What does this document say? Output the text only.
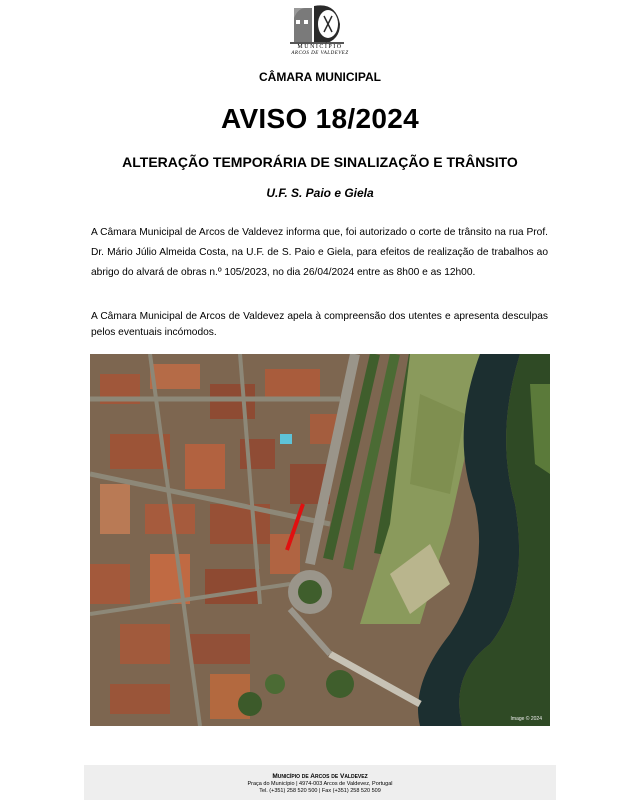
MUNICÍPIO
ARCOS DE VALDEVEZ
CÂMARA MUNICIPAL
AVISO 18/2024
ALTERAÇÃO TEMPORÁRIA DE SINALIZAÇÃO E TRÂNSITO
U.F. S. Paio e Giela

A Câmara Municipal de Arcos de Valdevez informa que, foi autorizado o corte de trânsito na rua Prof. Dr. Mário Júlio Almeida Costa, na U.F. de S. Paio e Giela, para efeitos de realização de trabalhos ao abrigo do alvará de obras n.º 105/2023, no dia 26/04/2024 entre as 8h00 e as 12h00.

A Câmara Municipal de Arcos de Valdevez apela à compreensão dos utentes e apresenta desculpas pelos eventuais incómodos.

Image © 2024
Município de Arcos de Valdevez
Praça do Município | 4974-003 Arcos de Valdevez, Portugal
Tel. (+351) 258 520 500 | Fax (+351) 258 520 509
